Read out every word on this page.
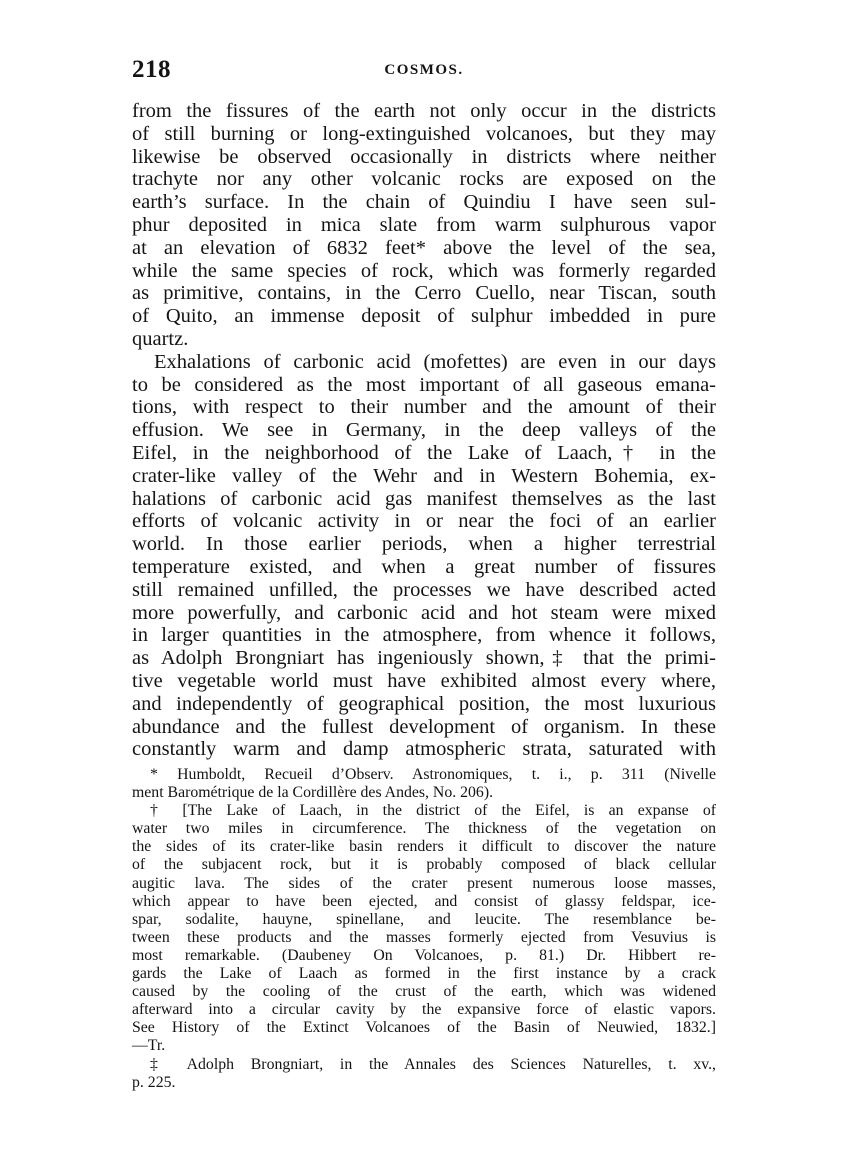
218	COSMOS.
from the fissures of the earth not only occur in the districts
of still burning or long-extinguished volcanoes, but they may
likewise be observed occasionally in districts where neither
trachyte nor any other volcanic rocks are exposed on the
earth’s surface. In the chain of Quindiu I have seen sul-
phur deposited in mica slate from warm sulphurous vapor
at an elevation of 6832 feet* above the level of the sea,
while the same species of rock, which was formerly regarded
as primitive, contains, in the Cerro Cuello, near Tiscan, south
of Quito, an immense deposit of sulphur imbedded in pure
quartz.
Exhalations of carbonic acid (mofettes) are even in our days
to be considered as the most important of all gaseous emana-
tions, with respect to their number and the amount of their
effusion. We see in Germany, in the deep valleys of the
Eifel, in the neighborhood of the Lake of Laach,† in the
crater-like valley of the Wehr and in Western Bohemia, ex-
halations of carbonic acid gas manifest themselves as the last
efforts of volcanic activity in or near the foci of an earlier
world. In those earlier periods, when a higher terrestrial
temperature existed, and when a great number of fissures
still remained unfilled, the processes we have described acted
more powerfully, and carbonic acid and hot steam were mixed
in larger quantities in the atmosphere, from whence it follows,
as Adolph Brongniart has ingeniously shown,‡ that the primi-
tive vegetable world must have exhibited almost every where,
and independently of geographical position, the most luxurious
abundance and the fullest development of organism. In these
constantly warm and damp atmospheric strata, saturated with
* Humboldt, Recueil d’Observ. Astronomiques, t. i., p. 311 (Nivelle
ment Barométrique de la Cordillère des Andes, No. 206).
† [The Lake of Laach, in the district of the Eifel, is an expanse of
water two miles in circumference. The thickness of the vegetation on
the sides of its crater-like basin renders it difficult to discover the nature
of the subjacent rock, but it is probably composed of black cellular
augitic lava. The sides of the crater present numerous loose masses,
which appear to have been ejected, and consist of glassy feldspar, ice-
spar, sodalite, hauyne, spinellane, and leucite. The resemblance be-
tween these products and the masses formerly ejected from Vesuvius is
most remarkable. (Daubeney On Volcanoes, p. 81.) Dr. Hibbert re-
gards the Lake of Laach as formed in the first instance by a crack
caused by the cooling of the crust of the earth, which was widened
afterward into a circular cavity by the expansive force of elastic vapors.
See History of the Extinct Volcanoes of the Basin of Neuwied, 1832.]
—Tr.
‡ Adolph Brongniart, in the Annales des Sciences Naturelles, t. xv.,
p. 225.
